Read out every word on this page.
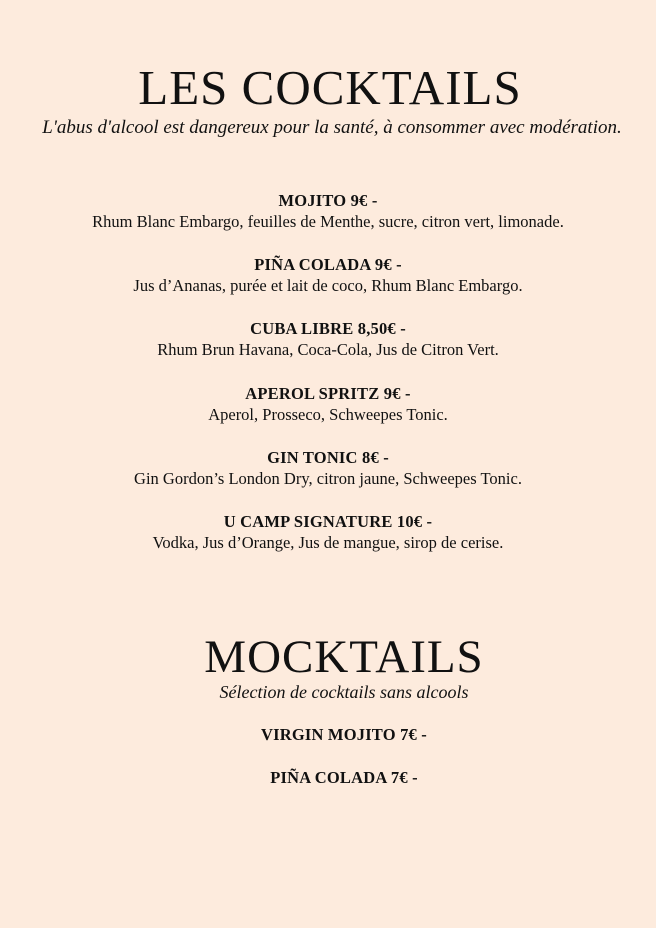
LES COCKTAILS

L'abus d'alcool est dangereux pour la santé, à consommer avec modération.

MOJITO 9€ -
Rhum Blanc Embargo, feuilles de Menthe, sucre, citron vert, limonade.
PIÑA COLADA 9€ -
Jus d’Ananas, purée et lait de coco, Rhum Blanc Embargo.
CUBA LIBRE 8,50€ -
Rhum Brun Havana, Coca-Cola, Jus de Citron Vert.
APEROL SPRITZ 9€ -
Aperol, Prosseco, Schweepes Tonic.
GIN TONIC 8€ -
Gin Gordon’s London Dry, citron jaune, Schweepes Tonic.
U CAMP SIGNATURE 10€ -
Vodka, Jus d’Orange, Jus de mangue, sirop de cerise.
MOCKTAILS

Sélection de cocktails sans alcools

VIRGIN MOJITO 7€ -
PIÑA COLADA 7€ -
